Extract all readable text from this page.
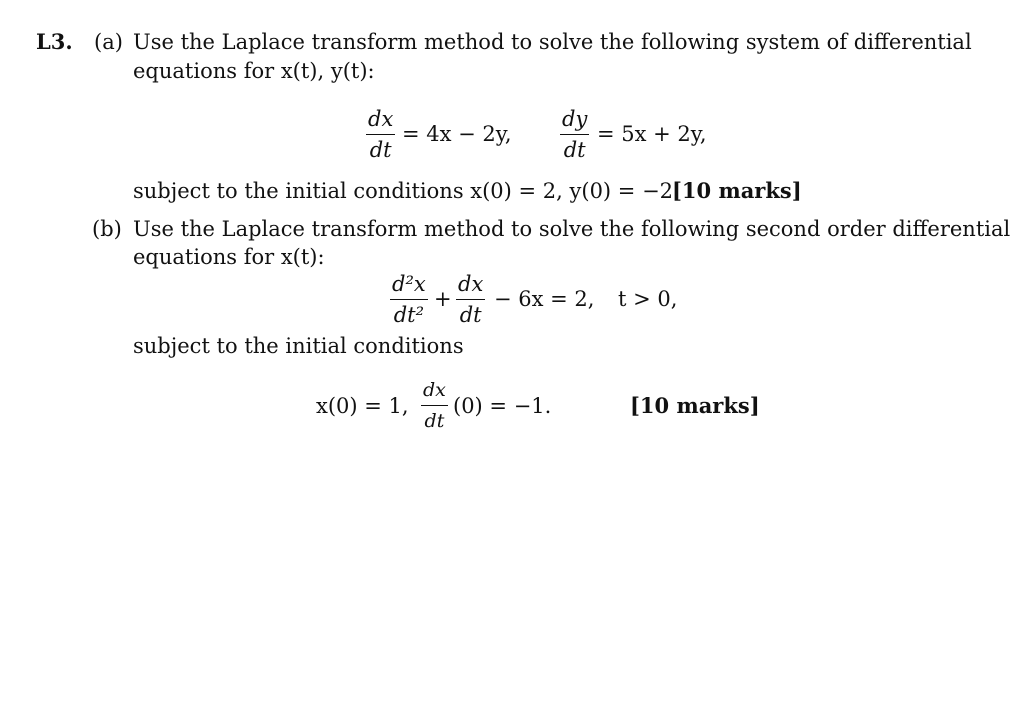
L3. (a) Use the Laplace transform method to solve the following system of differential
equations for x(t), y(t):
dx
dt
= 4x − 2y,
dy
dt
= 5x + 2y,
subject to the initial conditions x(0) = 2, y(0) = −2.
[10 marks]
(b) Use the Laplace transform method to solve the following second order differential
equations for x(t):
d²x
dt²
+
dx
dt
− 6x = 2, t > 0,
subject to the initial conditions
x(0) = 1,
dx
dt
(0) = −1.	[10 marks]
